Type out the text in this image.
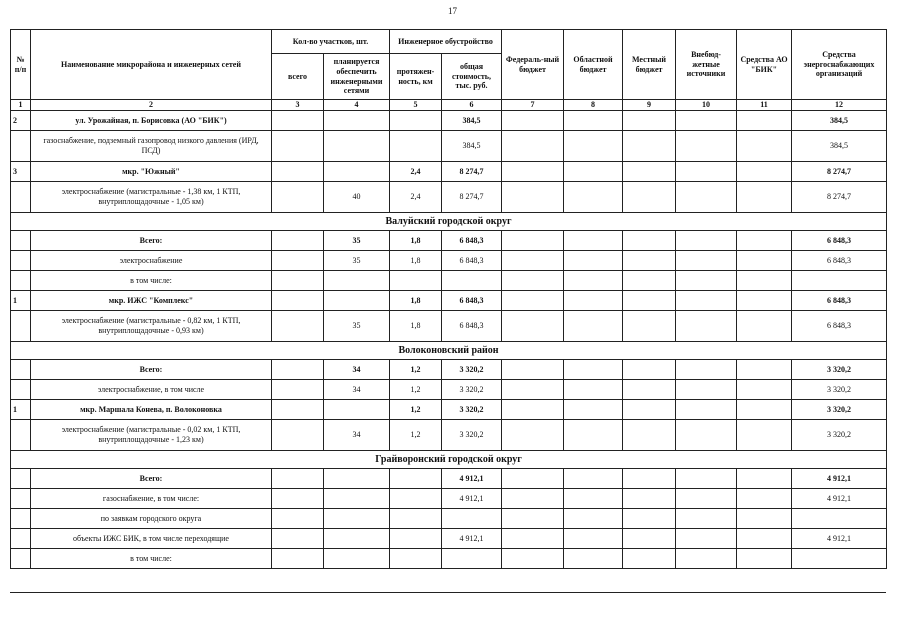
17
№ п/п	Наименование микрорайона и инженерных сетей	Кол-во участков, шт.		Инженерное обустройство		Федераль-ный бюджет	Областной бюджет	Местный бюджет	Внебюд-жетные источники	Средства АО "БИК"	Средства энергоснабжающих организаций
		всего	планируется обеспечить инженерными сетями	протяжен-ность, км	общая стоимость, тыс. руб.						
1	2	3	4	5	6	7	8	9	10	11	12
2	ул. Урожайная, п. Борисовка (АО "БИК")				384,5						384,5
	газоснабжение, подземный газопровод низкого давления (ИРД, ПСД)				384,5						384,5
3	мкр. "Южный"			2,4	8 274,7						8 274,7
	электроснабжение (магистральные - 1,38 км, 1 КТП, внутриплощадочные - 1,05 км)		40	2,4	8 274,7						8 274,7
Валуйский городской округ											
	Всего:		35	1,8	6 848,3						6 848,3
	электроснабжение		35	1,8	6 848,3						6 848,3
	в том числе:										
1	мкр. ИЖС "Комплекс"			1,8	6 848,3						6 848,3
	электроснабжение (магистральные - 0,82 км, 1 КТП, внутриплощадочные - 0,93 км)		35	1,8	6 848,3						6 848,3
Волоконовский район											
	Всего:		34	1,2	3 320,2						3 320,2
	электроснабжение, в том числе		34	1,2	3 320,2						3 320,2
1	мкр. Маршала Конева, п. Волоконовка			1,2	3 320,2						3 320,2
	электроснабжение (магистральные - 0,02 км, 1 КТП, внутриплощадочные - 1,23 км)		34	1,2	3 320,2						3 320,2
Грайворонский городской округ											
	Всего:				4 912,1						4 912,1
	газоснабжение, в том числе:				4 912,1						4 912,1
	по заявкам городского округа										
	объекты ИЖС БИК, в том числе переходящие				4 912,1						4 912,1
	в том числе:										
